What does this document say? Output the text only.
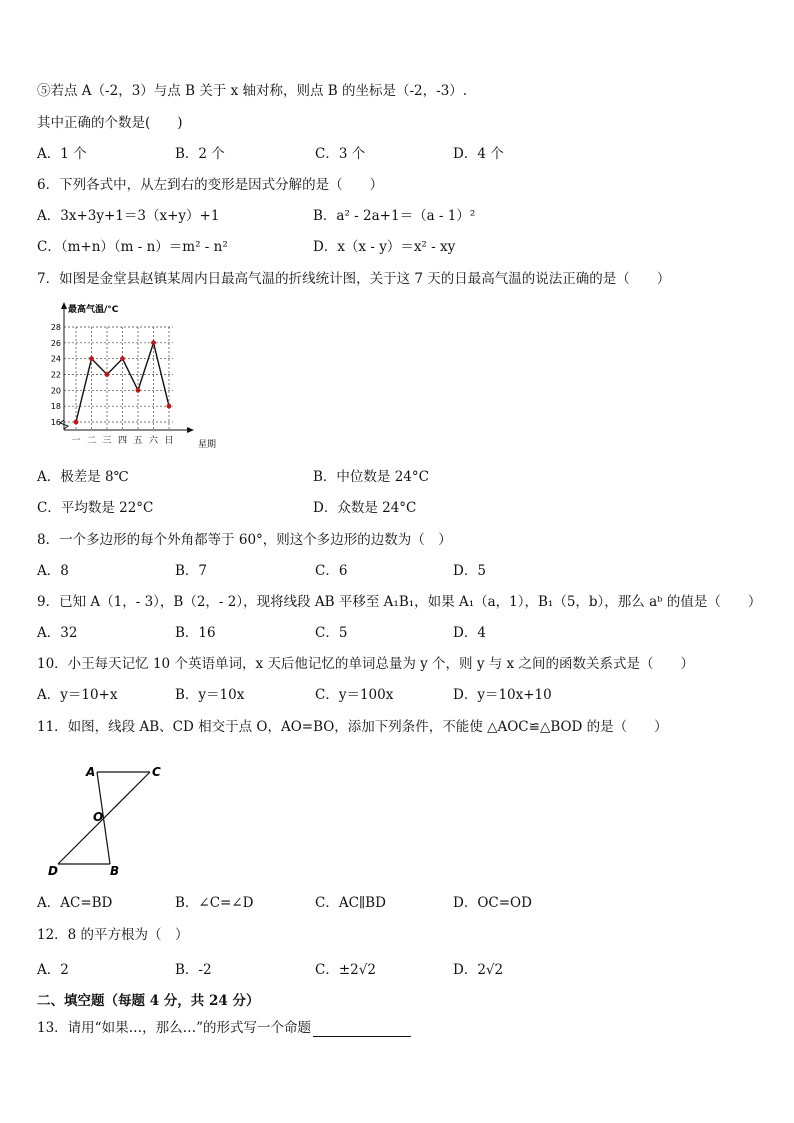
⑤若点 A（-2，3）与点 B 关于 x 轴对称，则点 B 的坐标是（-2，-3）.
其中正确的个数是(　　)
A．1 个	B．2 个	C．3 个	D．4 个
6．下列各式中，从左到右的变形是因式分解的是（　　）
A．3x+3y+1＝3（x+y）+1	B．a² - 2a+1＝（a - 1）²
C．（m+n）（m - n）＝m² - n²	D．x（x - y）＝x² - xy
7．如图是金堂县赵镇某周内日最高气温的折线统计图，关于这 7 天的日最高气温的说法正确的是（　　）
最高气温/°C
星期
16
18
20
22
24
26
28
一 二 三 四 五 六 日
A．极差是 8℃	B．中位数是 24°C
C．平均数是 22°C	D．众数是 24°C
8．一个多边形的每个外角都等于 60°，则这个多边形的边数为（　）
A．8	B．7	C．6	D．5
9．已知 A（1，- 3），B（2，- 2），现将线段 AB 平移至 A₁B₁，如果 A₁（a，1），B₁（5，b），那么 aᵇ 的值是（　　）
A．32	B．16	C．5	D．4
10．小王每天记忆 10 个英语单词，x 天后他记忆的单词总量为 y 个，则 y 与 x 之间的函数关系式是（　　）
A．y＝10+x	B．y＝10x	C．y＝100x	D．y＝10x+10
11．如图，线段 AB、CD 相交于点 O，AO=BO，添加下列条件，不能使 △AOC≌△BOD 的是（　　）
A	C
O
D	B
A．AC=BD	B．∠C=∠D	C．AC∥BD	D．OC=OD
12．8 的平方根为（　）
A．2	B．-2	C．±2√2	D．2√2
二、填空题（每题 4 分，共 24 分）
13．请用“如果…，那么…”的形式写一个命题
